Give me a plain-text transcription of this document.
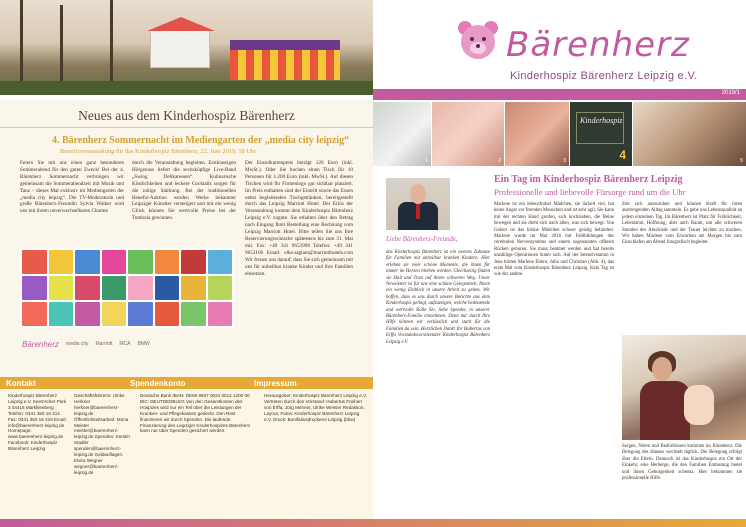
Bärenherz
Kinderhospiz Bärenherz Leipzig e.V.
2019/1
Neues aus dem Kinderhospiz Bärenherz
4. Bärenherz Sommernacht im Mediengarten der „media city leipzig“
Benefizveranstaltung für das Kinderhospiz Bärenherz, 22. Juni 2019, 18 Uhr
Feiern Sie mit uns einen ganz besonderen Sommerabend für den guten Zweck! Bei der 4. Bärenherz Sommernacht verbringen wir gemeinsam die Sommerabendzeit mit Musik und Tanz – dieses Mal exklusiv im Mediengarten der „media city leipzig“. Die TV-Moderatorin und große Bärenherz-Freundin Sylvia Walker wird uns mit ihrem unverwechselbaren Charme
durch die Veranstaltung begleiten. Erstklassigen Hörgenuss liefert die sechsköpfige Live-Band „Swing Delikatessen“. Kulinarische Köstlichkeiten und leckere Cocktails sorgen für die nötige Stärkung. Bei der traditionellen Benefiz-Auktion werden Werke bekannter Leipziger Künstler versteigert und mit ein wenig Glück können Sie wertvolle Preise bei der Tombola gewinnen.
Der Einzelkartenpreis beträgt 120 Euro (inkl. MwSt.). Oder Sie buchen einen Tisch für 10 Personen für 1.200 Euro (inkl. MwSt.). Auf diesen Tischen wird Ihr Firmenlogo gut sichtbar platziert. Im Preis enthalten sind der Eintritt sowie das Essen nebst begleitenden Tischgetränken, bereitgestellt durch das Leipzig Marriott Hotel. Der Erlös der Veranstaltung kommt dem Kinderhospiz Bärenherz Leipzig e.V. zugute. Sie erhalten über den Betrag nach Eingang Ihrer Bestellung eine Rechnung vom Leipzig Marriott Hotel. Bitte teilen Sie uns Ihre Reservierungswünsche spätestens bis zum 31. Mai mit. Fax: +49 341 9653998 Telefon: +49 341 9653106 Email: elke.saglam@marriotthotels.com Wir freuen uns darauf, dass Sie sich gemeinsam mit uns für unheilbar kranke Kinder und ihre Familien einsetzen.
Bärenherz media city Marriott MCA BMW
Kontakt	Spendenkonto	Impressum
Kinderhospiz Bärenherz Leipzig e.V. Kees'scher Park 3 04416 Markkleeberg Telefon: 0341 350 16 314 Fax: 0341 350 16 319 Email: info@baerenherz-leipzig.de Homepage: www.baerenherz-leipzig.de Facebook: Kinderhospiz Bärenherz Leipzig
Geschäftsführerin: Ulrike Herkner herkner@baerenherz-leipzig.de Öffentlichkeitsarbeit: Mona Meister meister@baerenherz-leipzig.de Spenden: Kerstin Stadler spenden@baerenherz-leipzig.de Geldauflagen: Elvira Wegner wegner@baerenherz-leipzig.de
Deutsche Bank IBAN: DE66 8607 0024 0012 1200 00 BIC: DEUTDEDBLEG Von den Gesamtkosten des Hospizes wird nur ein Teil über die Leistungen der Kranken- und Pflegekassen gedeckt. Den Rest finanzieren wir durch Spenden. Die laufende Finanzierung des Leipziger Kinderhospizes Bärenherz kann nur über Spenden gesichert werden.
Herausgeber: Kinderhospiz Bärenherz Leipzig e.V. Vertreten durch den Vorstand: Hubertus Freiherr von Erffa, Jörg Mehner, Ulrike Wesser Redaktion, Layout, Fotos: Kinderhospiz Bärenherz Leipzig e.V. Druck: Bonifatiusdruckerei Leipzig (bbw)
1	2	3
Kinderhospiz
4	5
Ein Tag im Kinderhospiz Bärenherz Leipzig
Professionelle und liebevolle Fürsorge rund um die Uhr
Liebe Bärenherz-Freunde,
das Kinderhospiz Bärenherz ist ein zweites Zuhause für Familien mit unheilbar kranken Kindern. Hier erleben sie viele schöne Momente, die ihnen für immer im Herzen bleiben werden. Gleichzeitig finden sie Halt und Trost auf ihrem schweren Weg. Unser Newsletter ist für uns eine schöne Gelegenheit, Ihnen ein wenig Einblick in unsere Arbeit zu geben. Wir hoffen, dass es uns durch unsere Berichte aus dem Kinderhospiz gelingt, aufzuzeigen, welche bedeutende und wertvolle Rolle Sie, liebe Spender, in unserer Bärenherz-Familie einnehmen. Denn nur durch Ihre Hilfe können wir verlässlich und stark für die Familien da sein. Herzlichen Dank! Ihr Hubertus von Erffa Vorstandsvorsitzender Kinderhospiz Bärenherz Leipzig e.V.
Marlene ist ein lebensfroher Mädchen, sie lächelt viel, hat keine Angst vor fremden Menschen und ist sehr agil. Sie kann mit der rechten Hand greifen, sich hochziehen, die Beine bewegen und sie dreht sich nach allen, was sich bewegt. Von Geburt ist das kleine Mädchen schwer geistig behindert. Marlene wurde im Mai 2016 mit Fehlbildungen des cerebralen Nervensystems und einem sogenannten offenen Rücken geboren. Sie muss beatmet werden und hat bereits unzählige Operationen hinter sich. Auf der Intensivstation in Jena hörten Marlene Eltern, Julia und Christian (Abb. 4), das erste Mal vom Kinderhospiz Bärenherz Leipzig. Kein Tag ist wie der andere.
Zeit sich auszuruhen und können Kraft für ihren anstrengenden Alltag sammeln. Es gebe uns Lebensqualität an jedem einzelnen Tag. Im Bärenherz ist Platz für Fröhlichkeit, Lebensmut, Hoffnung, aber auch Raum, um alle schweren Stunden des Abschieds und der Trauer leichter zu machen. Wir haben Marlene vom Erwachen am Morgen bis zum Einschlafen am Abend fotografisch begleitet.
Sorgen, Nöten und Bedürfnissen kommen im Bärenherz. Die Belegung des Hauses wechselt täglich. Die Belegung erfolgt über die Eltern. Dennoch ist das Kinderhospiz ein Ort der Einkehr, eine Herberge, die den Familien Entlastung bietet und ihnen Geborgenheit schenkt. Hier bekommen sie professionelle Hilfe.
